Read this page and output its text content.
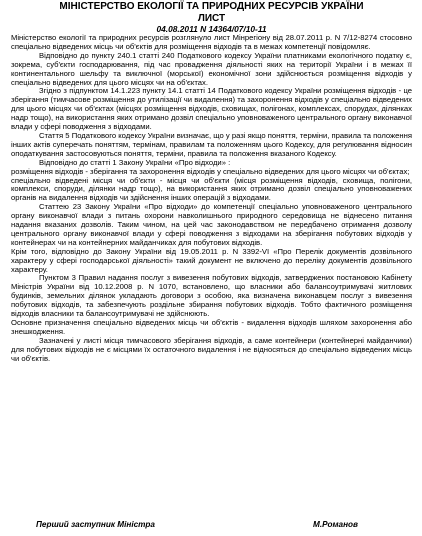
МІНІСТЕРСТВО ЕКОЛОГІЇ ТА ПРИРОДНИХ РЕСУРСІВ УКРАЇНИ
ЛИСТ

04.08.2011 N 14364/07/10-11

Міністерство екології та природних ресурсів розглянуло лист Мінрегіону від 28.07.2011 р. N 7/12-8274 стосовно спеціально відведених місць чи об'єктів для розміщення відходів та в межах компетенції повідомляє.

Відповідно до пункту 240.1 статті 240 Податкового кодексу України платниками екологічного податку є, зокрема, суб'єкти господарювання, під час провадження діяльності яких на території України і в межах її континентального шельфу та виключної (морської) економічної зони здійснюється розміщення відходів у спеціально відведених для цього місцях чи на об'єктах.

Згідно з підпунктом 14.1.223 пункту 14.1 статті 14 Податкового кодексу України розміщення відходів - це зберігання (тимчасове розміщення до утилізації чи видалення) та захоронення відходів у спеціально відведених для цього місцях чи об'єктах (місцях розміщення відходів, сховищах, полігонах, комплексах, спорудах, ділянках надр тощо), на використання яких отримано дозвіл спеціально уповноваженого центрального органу виконавчої влади у сфері поводження з відходами.

Стаття 5 Податкового кодексу України визначає, що у разі якщо поняття, терміни, правила та положення інших актів суперечать поняттям, термінам, правилам та положенням цього Кодексу, для регулювання відносин оподаткування застосовуються поняття, терміни, правила та положення вказаного Кодексу.

Відповідно до статті 1 Закону України «Про відходи» :

розміщення відходів - зберігання та захоронення відходів у спеціально відведених для цього місцях чи об'єктах;

спеціально відведені місця чи об'єкти - місця чи об'єкти (місця розміщення відходів, сховища, полігони, комплекси, споруди, ділянки надр тощо), на використання яких отримано дозвіл спеціально уповноважених органів на видалення відходів чи здійснення інших операцій з відходами.

Статтею 23 Закону України «Про відходи» до компетенції спеціально уповноваженого центрального органу виконавчої влади з питань охорони навколишнього природного середовища не віднесено питання надання вказаних дозволів. Таким чином, на цей час законодавством не передбачено отримання дозволу центрального органу виконавчої влади у сфері поводження з відходами на зберігання побутових відходів у контейнерах чи на контейнерних майданчиках для побутових відходів.

Крім того, відповідно до Закону України від 19.05.2011 р. N 3392-VI «Про Перелік документів дозвільного характеру у сфері господарської діяльності» такий документ не включено до переліку документів дозвільного характеру.

Пунктом 3 Правил надання послуг з вивезення побутових відходів, затверджених постановою Кабінету Міністрів України від 10.12.2008 р. N 1070, встановлено, що власники або балансоутримувачі житлових будинків, земельних ділянок укладають договори з особою, яка визначена виконавцем послуг з вивезення побутових відходів, та забезпечують роздільне збирання побутових відходів. Тобто фактичного розміщення відходів власники та балансоутримувачі не здійснюють.

Основне призначення спеціально відведених місць чи об'єктів - видалення відходів шляхом захоронення або знешкодження.

Зазначені у листі місця тимчасового зберігання відходів, а саме контейнери (контейнерні майданчики) для побутових відходів не є місцями їх остаточного видалення і не відносяться до спеціально відведених місць чи об'єктів.

Перший заступник Міністра	М.Романов
